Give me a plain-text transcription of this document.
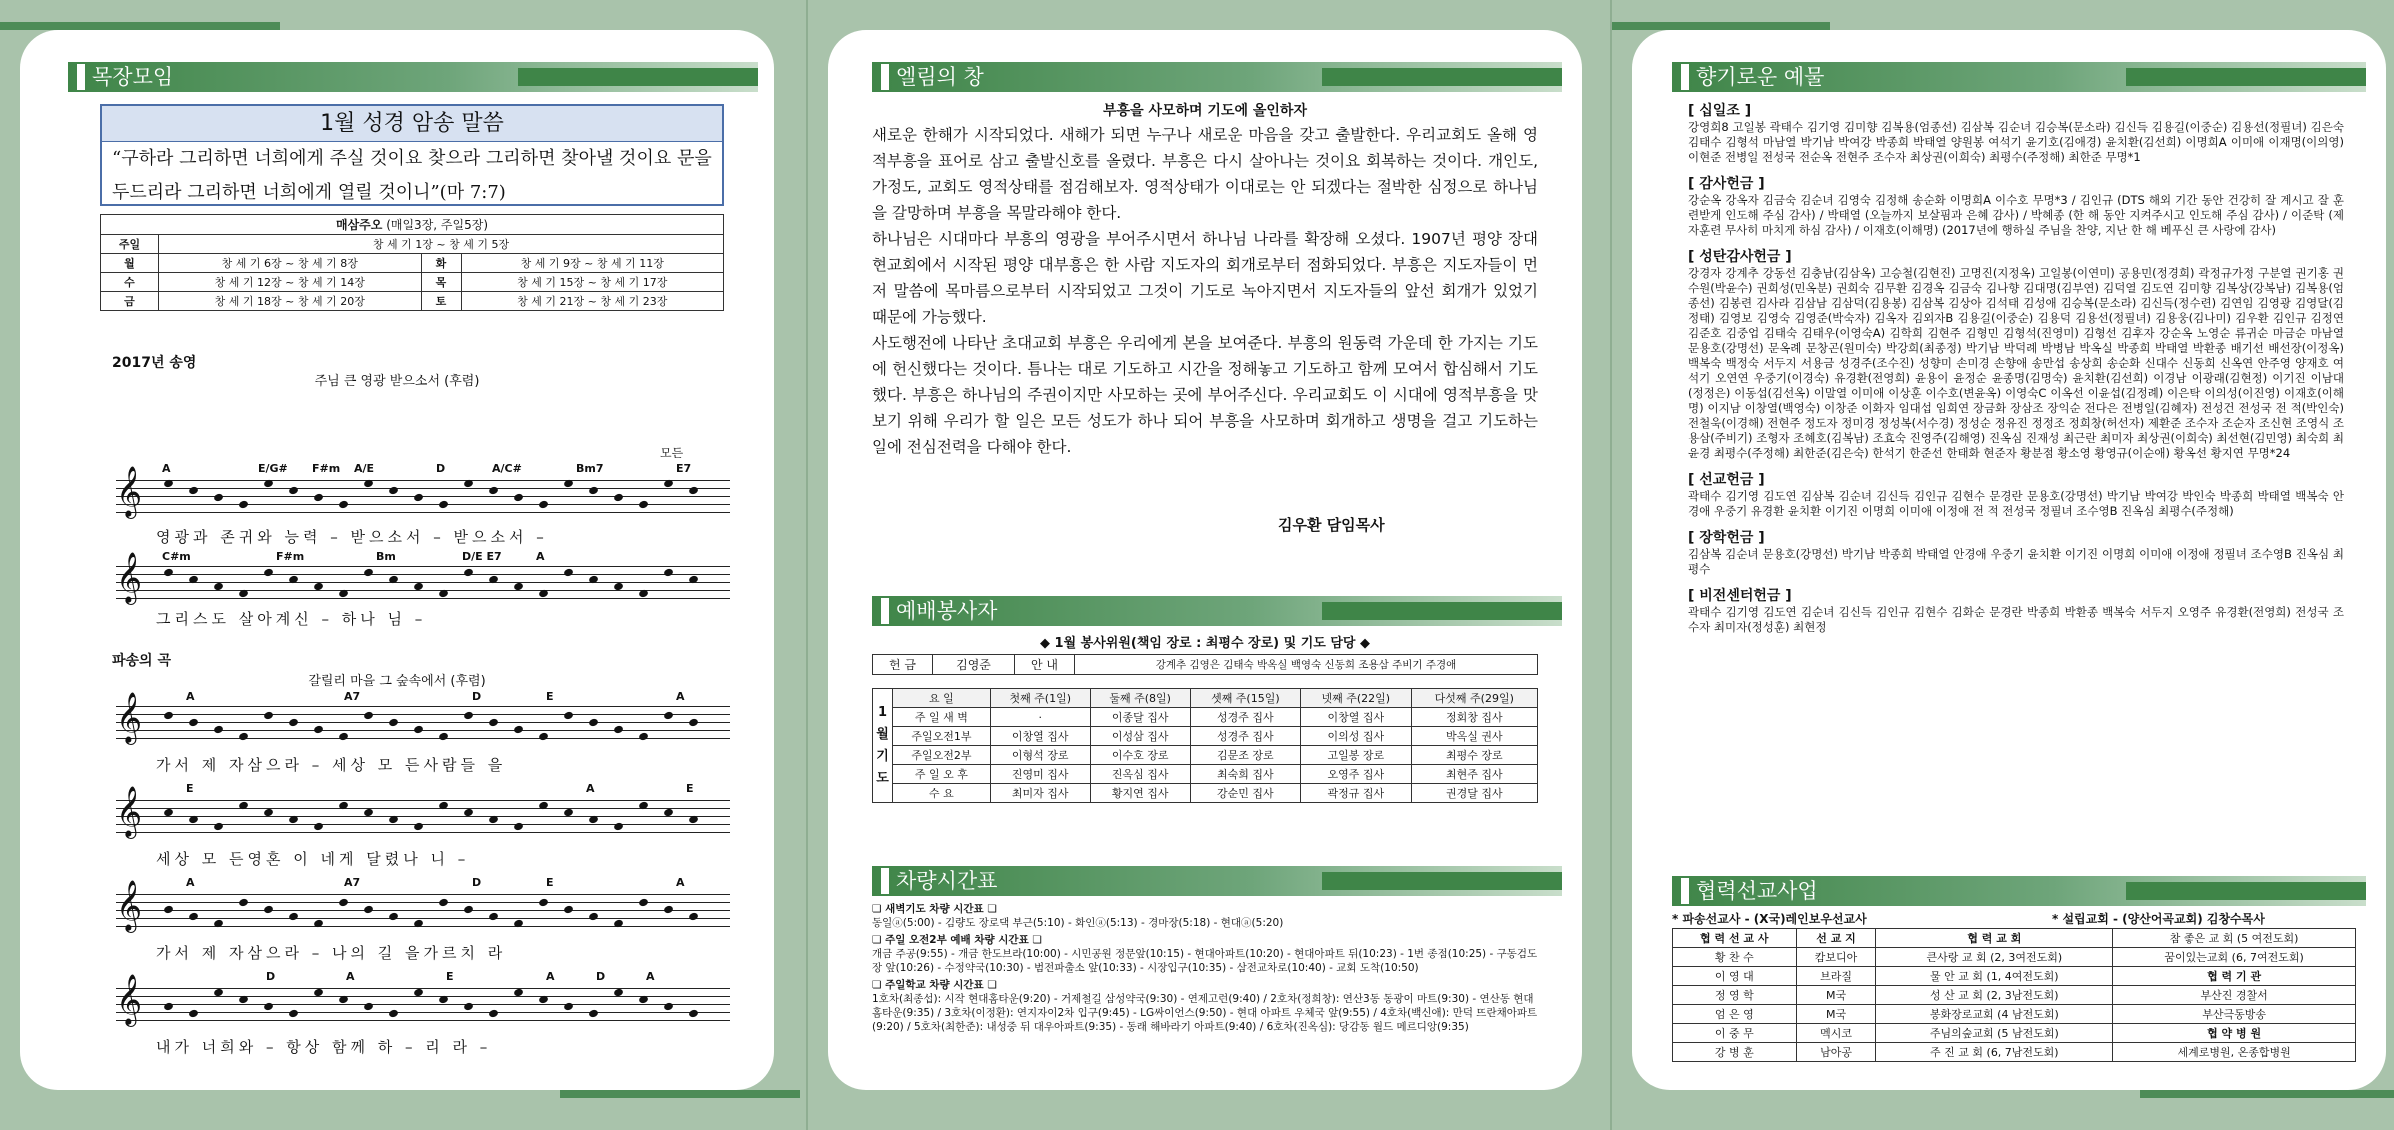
목장모임
1월 성경 암송 말씀
“구하라 그리하면 너희에게 주실 것이요 찾으라 그리하면 찾아낼 것이요 문을 두드리라 그리하면 너희에게 열릴 것이니”(마 7:7)
매삼주오 (매일3장, 주일5장)			
주일	창 세 기 1장 ~ 창 세 기 5장		
월	창 세 기 6장 ~ 창 세 기 8장	화	창 세 기 9장 ~ 창 세 기 11장
수	창 세 기 12장 ~ 창 세 기 14장	목	창 세 기 15장 ~ 창 세 기 17장
금	창 세 기 18장 ~ 창 세 기 20장	토	창 세 기 21장 ~ 창 세 기 23장
2017년 송영
주님 큰 영광 받으소서 (후렴)
모든
A	E/G# F#m A/E	D	A/C#	Bm7	E7
𝄞
영광과 존귀와 능력 – 받으소서 – 받으소서 –
C#m	F#m	Bm	D/E E7	A
𝄞
그리스도 살아계신 – 하나 님 –
파송의 곡
갈릴리 마을 그 숲속에서 (후렴)
A	A7	D	E	A
𝄞
가서 제 자삼으라 – 세상 모 든사람들 을
E	A	E
𝄞
세상 모 든영혼 이 네게 달렸나 니 –
A	A7	D	E	A
𝄞
가서 제 자삼으라 – 나의 길 을가르치 라
D	A	E	A	D	A
𝄞
내가 너희와 – 항상 함께 하 – 리 라 –
엘림의 창
부흥을 사모하며 기도에 올인하자

새로운 한해가 시작되었다. 새해가 되면 누구나 새로운 마음을 갖고 출발한다. 우리교회도 올해 영적부흥을 표어로 삼고 출발신호를 올렸다. 부흥은 다시 살아나는 것이요 회복하는 것이다. 개인도, 가정도, 교회도 영적상태를 점검해보자. 영적상태가 이대로는 안 되겠다는 절박한 심정으로 하나님을 갈망하며 부흥을 목말라해야 한다.

하나님은 시대마다 부흥의 영광을 부어주시면서 하나님 나라를 확장해 오셨다. 1907년 평양 장대현교회에서 시작된 평양 대부흥은 한 사람 지도자의 회개로부터 점화되었다. 부흥은 지도자들이 먼저 말씀에 목마름으로부터 시작되었고 그것이 기도로 녹아지면서 지도자들의 앞선 회개가 있었기 때문에 가능했다.

사도행전에 나타난 초대교회 부흥은 우리에게 본을 보여준다. 부흥의 원동력 가운데 한 가지는 기도에 헌신했다는 것이다. 틈나는 대로 기도하고 시간을 정해놓고 기도하고 함께 모여서 합심해서 기도했다. 부흥은 하나님의 주권이지만 사모하는 곳에 부어주신다. 우리교회도 이 시대에 영적부흥을 맛보기 위해 우리가 할 일은 모든 성도가 하나 되어 부흥을 사모하며 회개하고 생명을 걸고 기도하는 일에 전심전력을 다해야 한다.

김우환 담임목사
예배봉사자
◆ 1월 봉사위원(책임 장로 : 최평수 장로) 및 기도 담당 ◆
헌 금	김영준	안 내	강계추 김영은 김태숙 박옥실 백영숙 신동희 조용삼 주비기 주경애
1 월 기 도	요 일	첫째 주(1일)	둘째 주(8일)	셋째 주(15일)	넷째 주(22일)	다섯째 주(29일)
	주 일 새 벽	·	이종달 집사	성경주 집사	이창열 집사	정회창 집사
	주일오전1부	이창열 집사	이성삼 집사	성경주 집사	이의성 집사	박옥실 권사
	주일오전2부	이형석 장로	이수호 장로	김문조 장로	고일봉 장로	최평수 장로
	주 일 오 후	진영미 집사	진옥심 집사	최숙희 집사	오영주 집사	최현주 집사
	수 요	최미자 집사	황지연 집사	강순민 집사	곽정규 집사	권경달 집사
차량시간표
❏ 새벽기도 차량 시간표 ❏
동일ⓐ(5:00) - 김량도 장로댁 부근(5:10) - 화인ⓐ(5:13) - 경마장(5:18) - 현대ⓐ(5:20)
❏ 주일 오전2부 예배 차량 시간표 ❏
개금 주공(9:55) - 개금 한도브라(10:00) - 시민공원 정문앞(10:15) - 현대아파트(10:20) - 현대아파트 뒤(10:23) - 1번 종점(10:25) - 구동검도장 앞(10:26) - 수정약국(10:30) - 범전파출소 앞(10:33) - 시장입구(10:35) - 삼전교차로(10:40) - 교회 도착(10:50)
❏ 주일학교 차량 시간표 ❏
1호차(최종섭): 시작 현대홈타운(9:20) - 거제철길 삼성약국(9:30) - 연제고런(9:40) / 2호차(정희창): 연산3동 동광이 마트(9:30) - 연산동 현대홈타운(9:35) / 3호차(이정환): 연지자이2차 입구(9:45) - LG싸이언스(9:50) - 현대 아파트 우체국 앞(9:55) / 4호차(백신애): 만덕 뜨란채아파트(9:20) / 5호차(최한준): 내성중 뒤 대우아파트(9:35) - 동래 해바라기 아파트(9:40) / 6호차(진옥심): 당감동 월드 메르디앙(9:35)
향기로운 예물
[ 십일조 ]
강영희8 고일봉 곽태수 김기영 김미향 김복용(엄종선) 김삼복 김순녀 김승복(문소라) 김신득 김용길(이중순) 김용선(정필녀) 김은숙 김태수 김형석 마남열 박기남 박여강 박종희 박태열 양원봉 여석기 윤기호(김애경) 윤치환(김선희) 이명희A 이미애 이재명(이의영) 이현준 전병일 전성국 전순옥 전현주 조수자 최상권(이희숙) 최평수(주정해) 최한준 무명*1
[ 감사헌금 ]
강순옥 강옥자 김금숙 김순녀 김영숙 김정해 송순화 이명희A 이수호 무명*3 / 김인규 (DTS 해외 기간 동안 건강히 잘 계시고 잘 훈련받게 인도해 주심 감사) / 박태열 (오늘까지 보살핌과 은혜 감사) / 박혜종 (한 해 동안 지켜주시고 인도해 주심 감사) / 이준탁 (제자훈련 무사히 마치게 하심 감사) / 이재호(이해명) (2017년에 행하실 주님을 찬양, 지난 한 해 베푸신 큰 사랑에 감사)
[ 성탄감사헌금 ]
강경자 강계추 강동선 김충남(김삼옥) 고승철(김현진) 고명진(지정옥) 고일봉(이연미) 공용민(정경희) 곽정규가정 구분열 권기홍 권수원(박윤수) 권희성(민옥분) 권희숙 김무환 김경옥 김금숙 김나향 김대명(김부연) 김덕열 김도연 김미향 김복상(강복남) 김복용(엄종선) 김봉련 김사라 김삼남 김삼덕(김용봉) 김삼복 김상아 김석태 김성애 김승복(문소라) 김신득(정수련) 김연임 김영광 김영달(김정태) 김영보 김영숙 김영준(박숙자) 김옥자 김외자B 김용길(이중순) 김용덕 김용선(정필녀) 김용웅(김나미) 김우환 김인규 김정연 김준호 김중업 김태숙 김태우(이영숙A) 김학희 김현주 김형민 김형석(진영미) 김형선 김후자 강순옥 노영순 류귀순 마금순 마남열 문용호(강명선) 문옥례 문창곤(원미숙) 박강희(최종정) 박기남 박덕례 박병남 박옥실 박종희 박태열 박환종 배기선 배선장(이정옥) 백복숙 백정숙 서두지 서용금 성경주(조수진) 성향미 손미경 손향애 송만섭 송상희 송순화 신대수 신동희 신옥연 안주영 양재호 여석기 오연연 우중기(이경숙) 유경환(전영희) 윤용이 윤정순 윤종명(김명숙) 윤치환(김선희) 이경남 이광래(김현정) 이기진 이남대(정정은) 이동섭(김선옥) 이말열 이미애 이상훈 이수호(변윤옥) 이영숙C 이옥선 이윤섭(김정례) 이은탁 이의성(이진영) 이재호(이해명) 이지남 이창열(백영숙) 이창준 이화자 임대섭 임희연 장금화 장삼조 장익순 전다은 전병일(김혜자) 전성건 전성국 전 적(박인숙) 전철욱(이경해) 전현주 정도자 정미경 정성복(서수경) 정성순 정유진 정정조 정희창(허선자) 제환준 조수자 조순자 조신현 조영식 조용삼(주비기) 조형자 조혜호(김복남) 조효숙 진영주(김해영) 진옥심 진재성 최근란 최미자 최상권(이희숙) 최선현(김민영) 최숙희 최윤경 최평수(주정해) 최한준(김은숙) 한석기 한준선 한태화 현준자 황분점 황소영 황영규(이순애) 황옥선 황지연 무명*24
[ 선교헌금 ]
곽태수 김기영 김도연 김삼복 김순녀 김신득 김인규 김현수 문경란 문용호(강명선) 박기남 박여강 박인숙 박종희 박태열 백복숙 안경애 우중기 유경환 윤치환 이기진 이명희 이미애 이정애 전 적 전성국 정필녀 조수영B 진옥심 최평수(주정해)
[ 장학헌금 ]
김삼복 김순녀 문용호(강명선) 박기남 박종희 박태열 안경애 우중기 윤치환 이기진 이명희 이미애 이정애 정필녀 조수영B 진옥심 최평수
[ 비전센터헌금 ]
곽태수 김기영 김도연 김순녀 김신득 김인규 김현수 김화순 문경란 박종희 박환종 백복숙 서두지 오영주 유경환(전영희) 전성국 조수자 최미자(정성훈) 최현정
협력선교사업
* 파송선교사 - (X국)레인보우선교사	* 설립교회 - (양산어곡교회) 김창수목사
협 력 선 교 사	선 교 지	협 력 교 회	참 좋은 교 회 (5 여전도회)
황 찬 수	캄보디아	큰사랑 교 회 (2, 3여전도회)	꿈이있는교회 (6, 7여전도회)
이 영 대	브라질	물 안 교 회 (1, 4여전도회)	협 력 기 관
정 영 학	M국	성 산 교 회 (2, 3남전도회)	부산진 경찰서
엄 은 영	M국	봉화장로교회 (4 남전도회)	부산극동방송
이 중 무	멕시코	주님의숲교회 (5 남전도회)	협 약 병 원
강 병 훈	남아공	주 진 교 회 (6, 7남전도회)	세계로병원, 온종합병원
